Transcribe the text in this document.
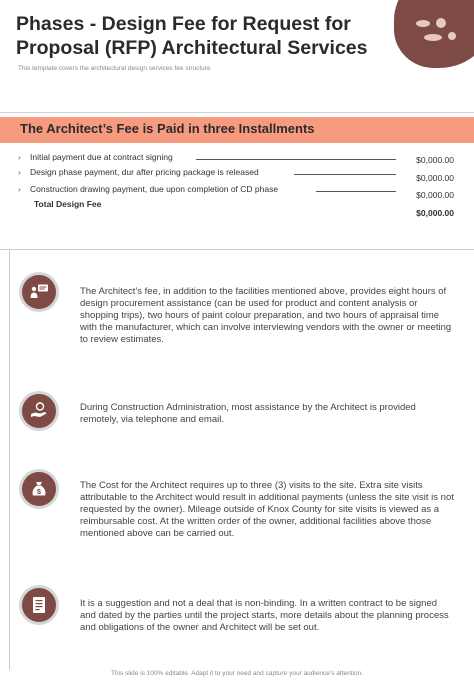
Phases - Design Fee for Request for Proposal (RFP) Architectural Services
This template covers the architectural design services fee structure
The Architect’s Fee is Paid in three Installments
› Initial payment due at contract signing	$0,000.00
› Design phase payment, dur after pricing package is released
$0,000.00
› Construction drawing payment, due upon completion of CD phase
$0,000.00
Total Design Fee
$0,000.00
The Architect's fee, in addition to the facilities mentioned above, provides eight hours of design procurement assistance (can be used for product and content analysis or shopping trips), two hours of paint colour preparation, and two hours of appraisal time with the manufacturer, which can involve interviewing vendors with the owner or meeting to review estimates.
During Construction Administration, most assistance by the Architect is provided remotely, via telephone and email.
$
The Cost for the Architect requires up to three (3) visits to the site. Extra site visits attributable to the Architect would result in additional payments (unless the site visit is not requested by the owner). Mileage outside of Knox County for site visits is viewed as a reimbursable cost. At the written order of the owner, additional facilities above those mentioned above can be carried out.
It is a suggestion and not a deal that is non-binding. In a written contract to be signed and dated by the parties until the project starts, more details about the planning process and obligations of the owner and Architect will be set out.
This slide is 100% editable. Adapt it to your need and capture your audience’s attention.
